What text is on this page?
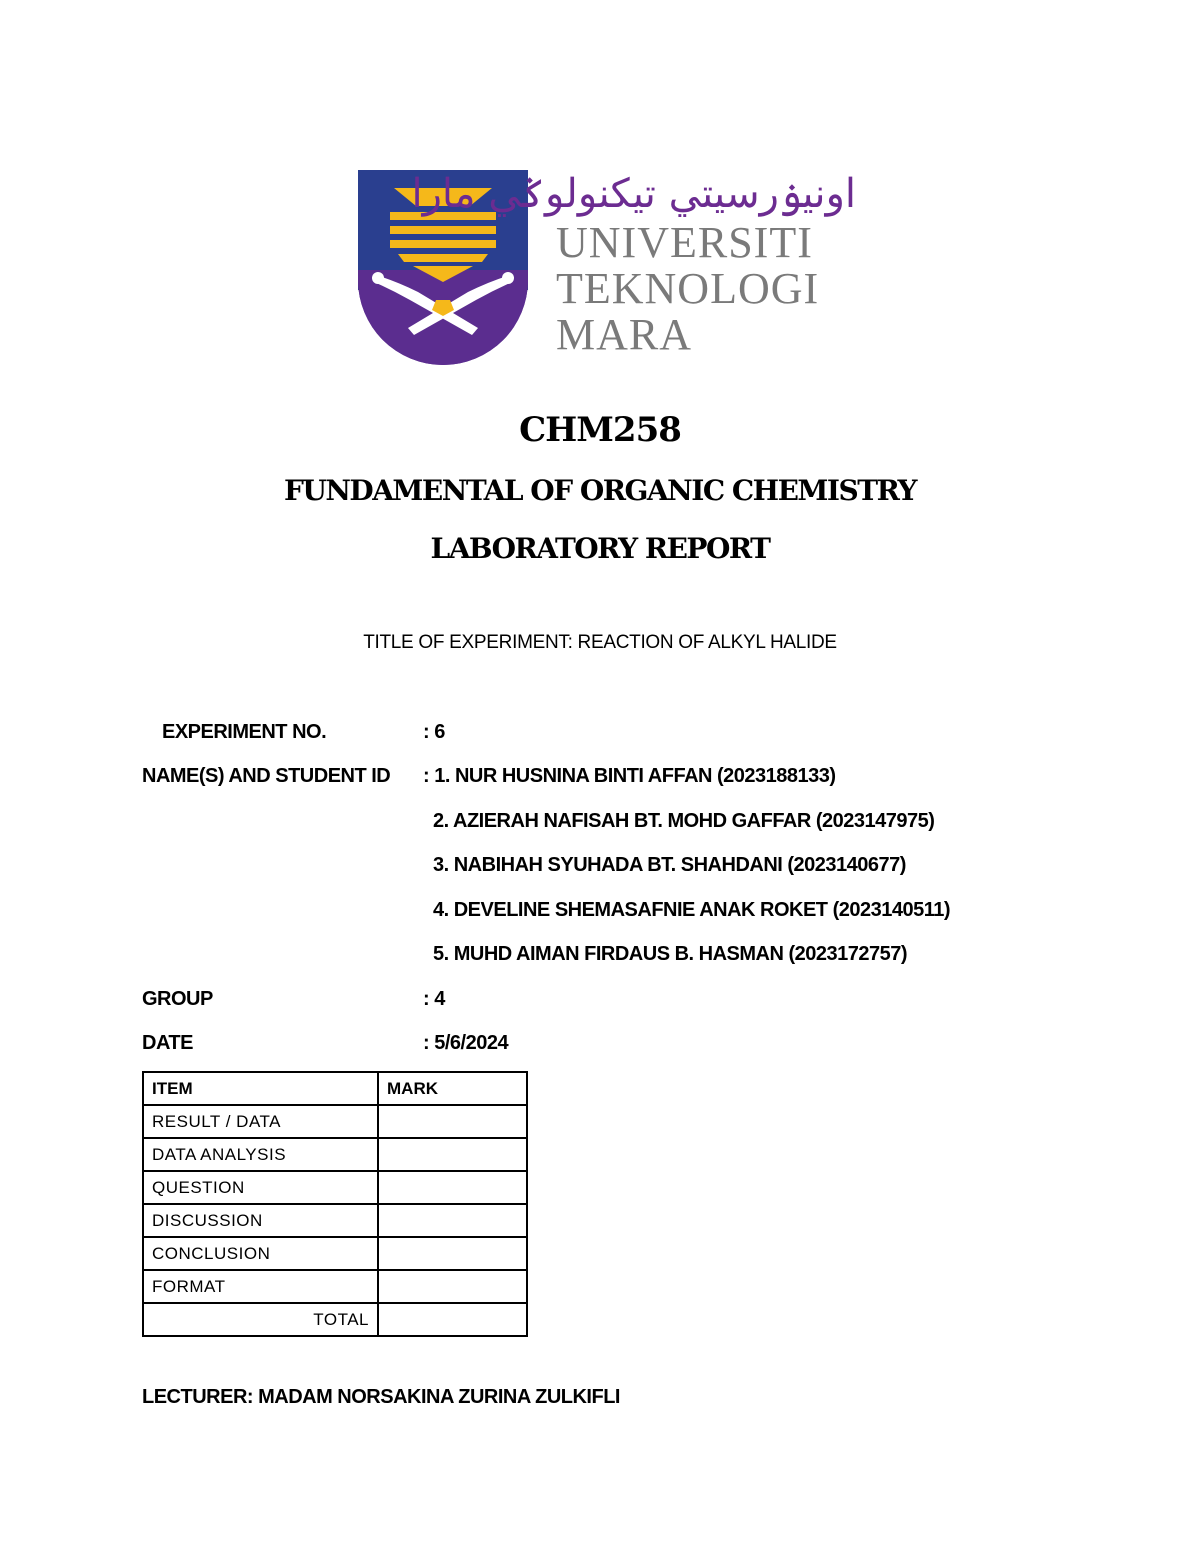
اونيۏرسيتي تيكنولوݢي مارا
UNIVERSITI
TEKNOLOGI
MARA
CHM258
FUNDAMENTAL OF ORGANIC CHEMISTRY
LABORATORY REPORT
TITLE OF EXPERIMENT: REACTION OF ALKYL HALIDE
EXPERIMENT NO.	: 6
NAME(S) AND STUDENT ID : 1. NUR HUSNINA BINTI AFFAN (2023188133)
2. AZIERAH NAFISAH BT. MOHD GAFFAR (2023147975)
3. NABIHAH SYUHADA BT. SHAHDANI (2023140677)
4. DEVELINE SHEMASAFNIE ANAK ROKET (2023140511)
5. MUHD AIMAN FIRDAUS B. HASMAN (2023172757)
GROUP	: 4
DATE	: 5/6/2024
ITEM	MARK
RESULT / DATA	
DATA ANALYSIS	
QUESTION	
DISCUSSION	
CONCLUSION	
FORMAT	
TOTAL	
LECTURER: MADAM NORSAKINA ZURINA ZULKIFLI
